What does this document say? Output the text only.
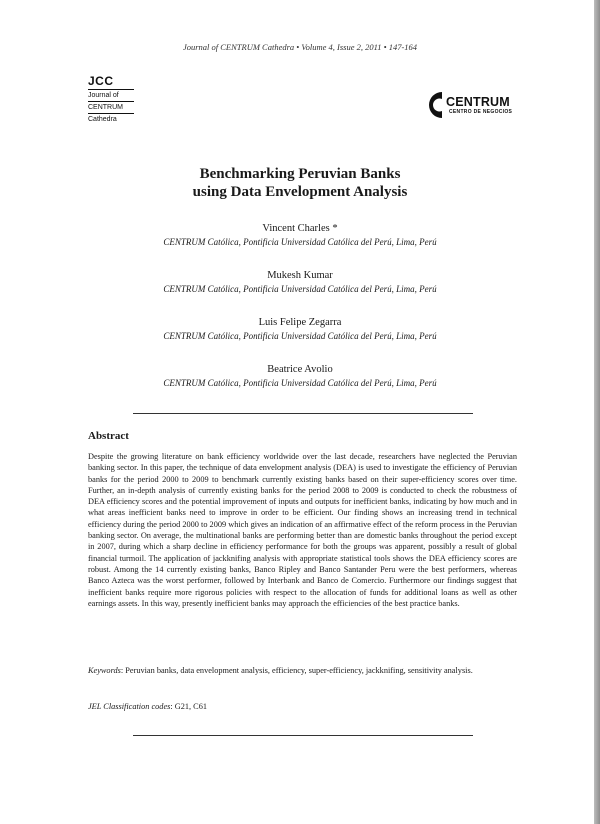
Journal of CENTRUM Cathedra • Volume 4, Issue 2, 2011 • 147-164
JCC
Journal of
CENTRUM
Cathedra
CENTRUM
CENTRO DE NEGOCIOS
Benchmarking Peruvian Banks
using Data Envelopment Analysis
Vincent Charles *
CENTRUM Católica, Pontificia Universidad Católica del Perú, Lima, Perú
Mukesh Kumar
CENTRUM Católica, Pontificia Universidad Católica del Perú, Lima, Perú
Luis Felipe Zegarra
CENTRUM Católica, Pontificia Universidad Católica del Perú, Lima, Perú
Beatrice Avolio
CENTRUM Católica, Pontificia Universidad Católica del Perú, Lima, Perú
Abstract

Despite the growing literature on bank efficiency worldwide over the last decade, researchers have neglected the Peruvian banking sector. In this paper, the technique of data envelopment analysis (DEA) is used to investigate the efficiency of Peruvian banks for the period 2000 to 2009 to benchmark currently existing banks based on their super-efficiency scores over time. Further, an in-depth analysis of currently existing banks for the period 2008 to 2009 is conducted to check the robustness of DEA efficiency scores and the potential improvement of inputs and outputs for inefficient banks, indicating by how much and in what areas inefficient banks need to improve in order to be efficient. Our finding shows an increasing trend in technical efficiency during the period 2000 to 2009 which gives an indication of an affirmative effect of the reform process in the Peruvian banking sector. On average, the multinational banks are performing better than are domestic banks throughout the period except in 2007, during which a sharp decline in efficiency performance for both the groups was apparent, possibly a result of global financial turmoil. The application of jackknifing analysis with appropriate statistical tools shows the DEA efficiency scores are robust. Among the 14 currently existing banks, Banco Ripley and Banco Santander Peru were the best performers, whereas Banco Azteca was the worst performer, followed by Interbank and Banco de Comercio. Furthermore our findings suggest that inefficient banks require more rigorous policies with respect to the allocation of funds for additional loans as well as other earnings assets. In this way, presently inefficient banks may approach the efficiencies of the best practice banks.

Keywords: Peruvian banks, data envelopment analysis, efficiency, super-efficiency, jackknifing, sensitivity analysis.

JEL Classification codes: G21, C61
